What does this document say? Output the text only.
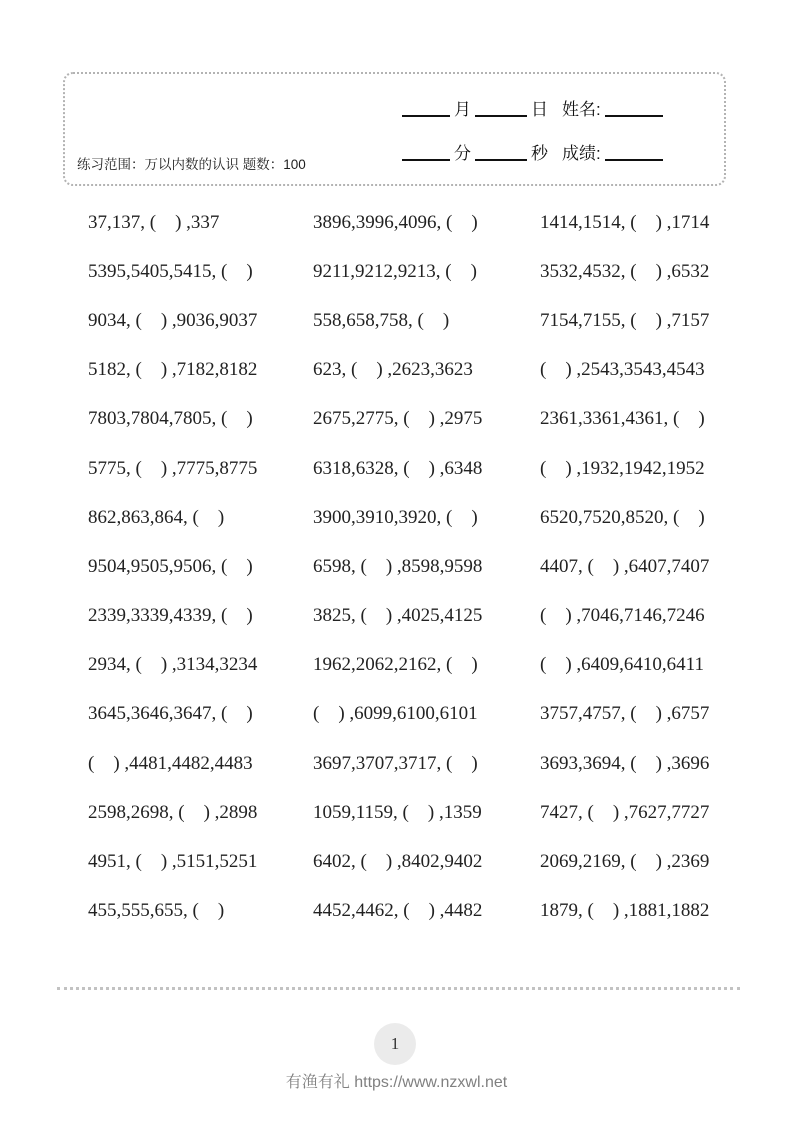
练习范围：万以内数的认识 题数：100
月	日 姓名:
分	秒 成绩:
37,137, (    ) ,337	3896,3996,4096, (    )	1414,1514, (    ) ,1714
5395,5405,5415, (    )	9211,9212,9213, (    )	3532,4532, (    ) ,6532
9034, (    ) ,9036,9037	558,658,758, (    )	7154,7155, (    ) ,7157
5182, (    ) ,7182,8182	623, (    ) ,2623,3623	(    ) ,2543,3543,4543
7803,7804,7805, (    )	2675,2775, (    ) ,2975	2361,3361,4361, (    )
5775, (    ) ,7775,8775	6318,6328, (    ) ,6348	(    ) ,1932,1942,1952
862,863,864, (    )	3900,3910,3920, (    )	6520,7520,8520, (    )
9504,9505,9506, (    )	6598, (    ) ,8598,9598	4407, (    ) ,6407,7407
2339,3339,4339, (    )	3825, (    ) ,4025,4125	(    ) ,7046,7146,7246
2934, (    ) ,3134,3234	1962,2062,2162, (    )	(    ) ,6409,6410,6411
3645,3646,3647, (    )	(    ) ,6099,6100,6101	3757,4757, (    ) ,6757
(    ) ,4481,4482,4483	3697,3707,3717, (    )	3693,3694, (    ) ,3696
2598,2698, (    ) ,2898	1059,1159, (    ) ,1359	7427, (    ) ,7627,7727
4951, (    ) ,5151,5251	6402, (    ) ,8402,9402	2069,2169, (    ) ,2369
455,555,655, (    )	4452,4462, (    ) ,4482	1879, (    ) ,1881,1882
1
有渔有礼 https://www.nzxwl.net
